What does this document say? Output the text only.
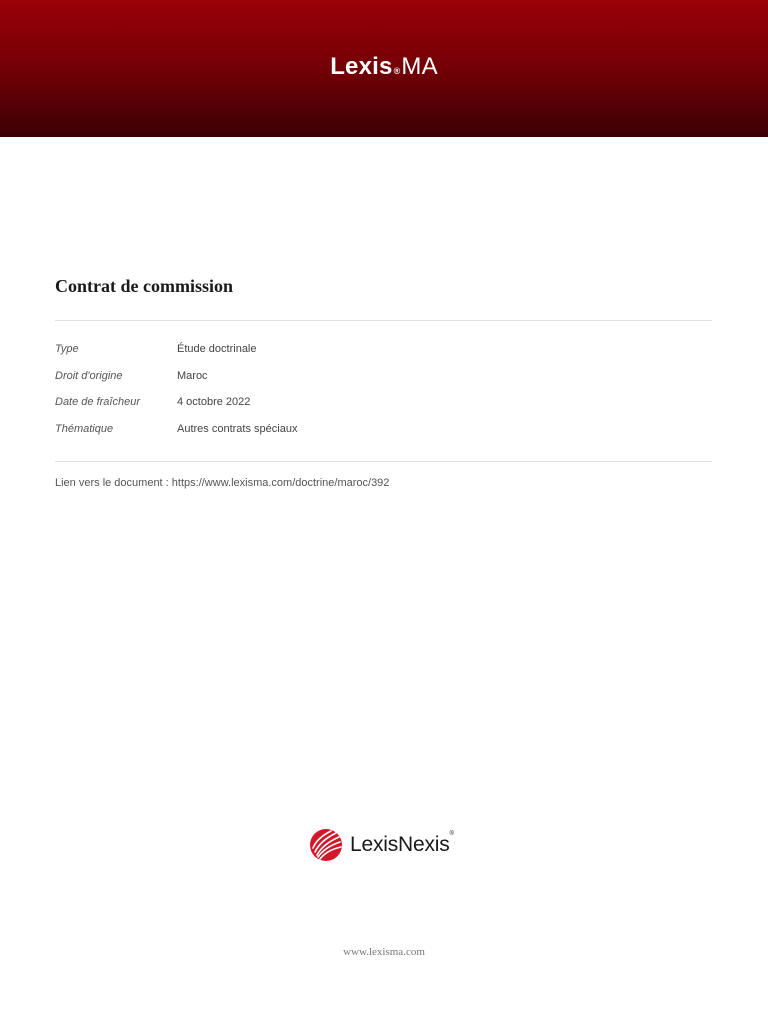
Lexis®MA
Contrat de commission
Type	Étude doctrinale
Droit d'origine	Maroc
Date de fraîcheur	4 octobre 2022
Thématique	Autres contrats spéciaux
Lien vers le document : https://www.lexisma.com/doctrine/maroc/392
LexisNexis®
www.lexisma.com
